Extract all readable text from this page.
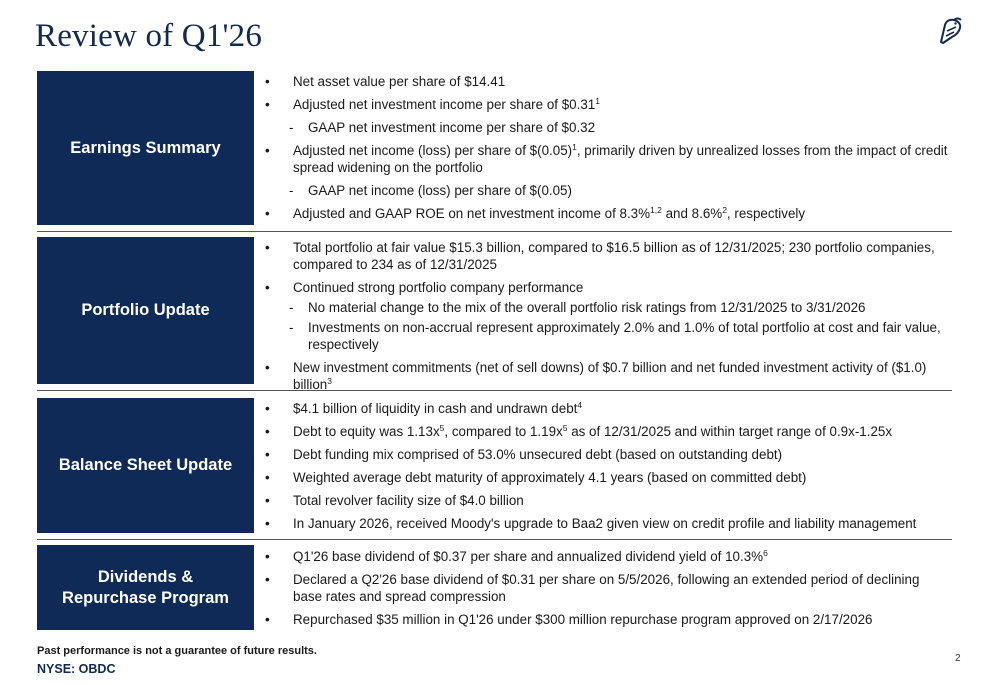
Review of Q1'26
Earnings Summary
•	Net asset value per share of $14.41
•	Adjusted net investment income per share of $0.31$^1$
-	GAAP net investment income per share of $0.32
•	Adjusted net income (loss) per share of $\$(0.05)^1$, primarily driven by unrealized losses from the impact of credit spread widening on the portfolio
-	GAAP net income (loss) per share of $(0.05)
•	Adjusted and GAAP ROE on net investment income of 8.3%$^{1,2}$ and 8.6%$^2$, respectively
Portfolio Update
•	Total portfolio at fair value $15.3 billion, compared to $16.5 billion as of 12/31/2025; 230 portfolio companies, compared to 234 as of 12/31/2025
•	Continued strong portfolio company performance
-	No material change to the mix of the overall portfolio risk ratings from 12/31/2025 to 3/31/2026
-	Investments on non-accrual represent approximately 2.0% and 1.0% of total portfolio at cost and fair value, respectively
•	New investment commitments (net of sell downs) of $0.7 billion and net funded investment activity of ($1.0) billion$^3$
Balance Sheet Update
•	$4.1 billion of liquidity in cash and undrawn debt$^4$
•	Debt to equity was $1.13x^5$, compared to $1.19x^5$ as of 12/31/2025 and within target range of 0.9x-1.25x
•	Debt funding mix comprised of 53.0% unsecured debt (based on outstanding debt)
•	Weighted average debt maturity of approximately 4.1 years (based on committed debt)
•	Total revolver facility size of $4.0 billion
•	In January 2026, received Moody's upgrade to Baa2 given view on credit profile and liability management
Dividends &
Repurchase Program
•	Q1'26 base dividend of $0.37 per share and annualized dividend yield of 10.3%$^6$
•	Declared a Q2'26 base dividend of $0.31 per share on 5/5/2026, following an extended period of declining base rates and spread compression
•	Repurchased $35 million in Q1'26 under $300 million repurchase program approved on 2/17/2026
Past performance is not a guarantee of future results.
NYSE: OBDC
2
